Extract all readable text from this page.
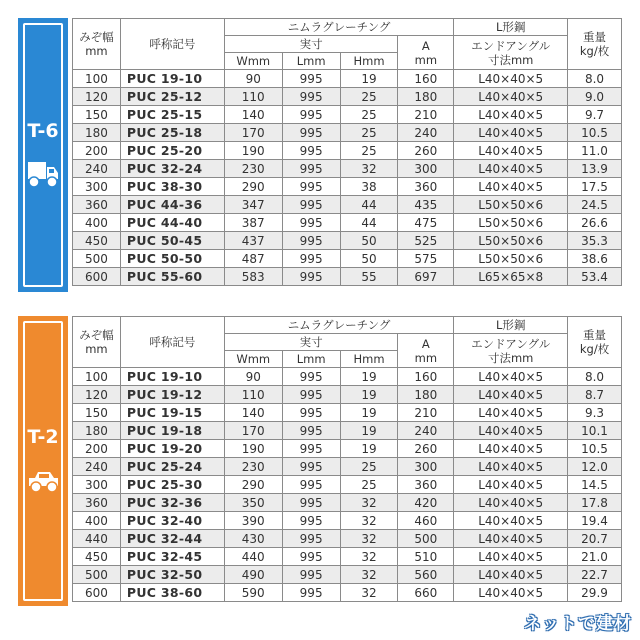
T-6
みぞ幅
mm	呼称記号	ニムラグレーチング				L形鋼	重量
kg/枚
		実寸			A
mm	エンドアングル
寸法mm	
		Wmm	Lmm	Hmm			
100	PUC 19-10	90	995	19	160	L40×40×5	8.0
120	PUC 25-12	110	995	25	180	L40×40×5	9.0
150	PUC 25-15	140	995	25	210	L40×40×5	9.7
180	PUC 25-18	170	995	25	240	L40×40×5	10.5
200	PUC 25-20	190	995	25	260	L40×40×5	11.0
240	PUC 32-24	230	995	32	300	L40×40×5	13.9
300	PUC 38-30	290	995	38	360	L40×40×5	17.5
360	PUC 44-36	347	995	44	435	L50×50×6	24.5
400	PUC 44-40	387	995	44	475	L50×50×6	26.6
450	PUC 50-45	437	995	50	525	L50×50×6	35.3
500	PUC 50-50	487	995	50	575	L50×50×6	38.6
600	PUC 55-60	583	995	55	697	L65×65×8	53.4
T-2
みぞ幅
mm	呼称記号	ニムラグレーチング				L形鋼	重量
kg/枚
		実寸			A
mm	エンドアングル
寸法mm	
		Wmm	Lmm	Hmm			
100	PUC 19-10	90	995	19	160	L40×40×5	8.0
120	PUC 19-12	110	995	19	180	L40×40×5	8.7
150	PUC 19-15	140	995	19	210	L40×40×5	9.3
180	PUC 19-18	170	995	19	240	L40×40×5	10.1
200	PUC 19-20	190	995	19	260	L40×40×5	10.5
240	PUC 25-24	230	995	25	300	L40×40×5	12.0
300	PUC 25-30	290	995	25	360	L40×40×5	14.5
360	PUC 32-36	350	995	32	420	L40×40×5	17.8
400	PUC 32-40	390	995	32	460	L40×40×5	19.4
440	PUC 32-44	430	995	32	500	L40×40×5	20.7
450	PUC 32-45	440	995	32	510	L40×40×5	21.0
500	PUC 32-50	490	995	32	560	L40×40×5	22.7
600	PUC 38-60	590	995	32	660	L40×40×5	29.9
ネットで建材
